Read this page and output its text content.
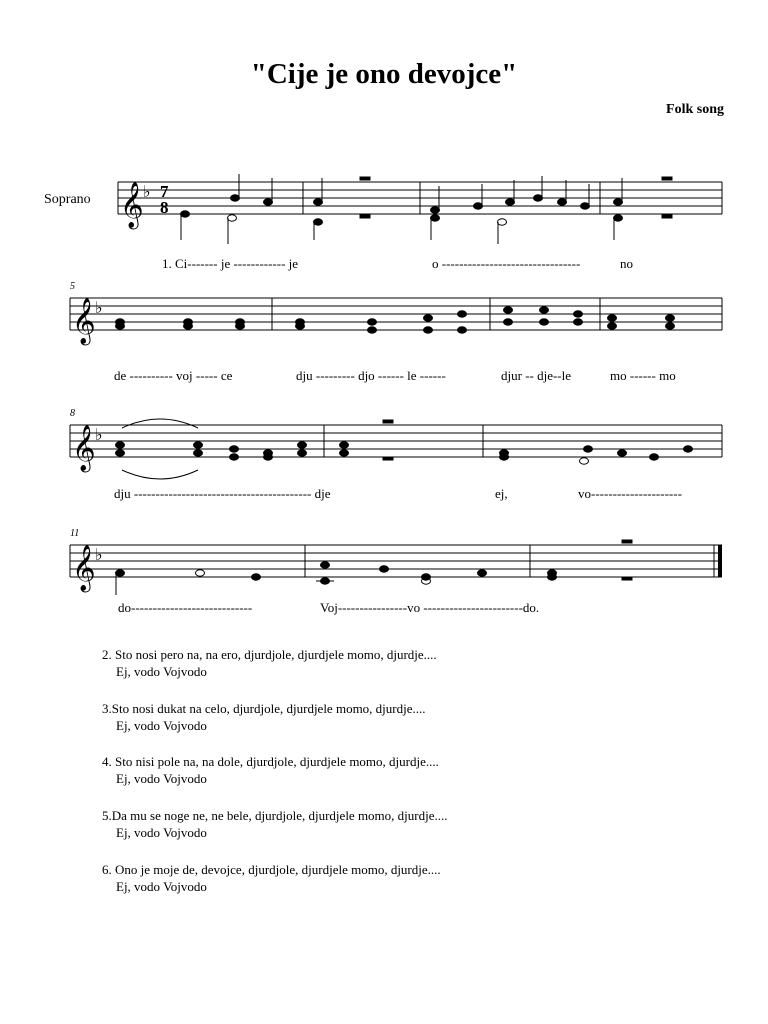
"Cije je ono devojce"
Folk song
Soprano 𝄞 ♭
𝄞 ♭
𝄞 ♭
𝄞 ♭
7
8
5
8
11
1. Ci------- je ------------ je	o --------------------------------	no
de ---------- voj ----- ce	dju --------- djo ------ le ------	djur -- dje--le	mo ------ mo
dju ----------------------------------------- dje	ej,	vo---------------------
do----------------------------	Voj----------------vo -----------------------do.
2. Sto nosi pero na, na ero, djurdjole, djurdjele momo, djurdje....
Ej, vodo Vojvodo
3.Sto nosi dukat na celo, djurdjole, djurdjele momo, djurdje....
Ej, vodo Vojvodo
4. Sto nisi pole na, na dole, djurdjole, djurdjele momo, djurdje....
Ej, vodo Vojvodo
5.Da mu se noge ne, ne bele, djurdjole, djurdjele momo, djurdje....
Ej, vodo Vojvodo
6. Ono je moje de, devojce, djurdjole, djurdjele momo, djurdje....
Ej, vodo Vojvodo
